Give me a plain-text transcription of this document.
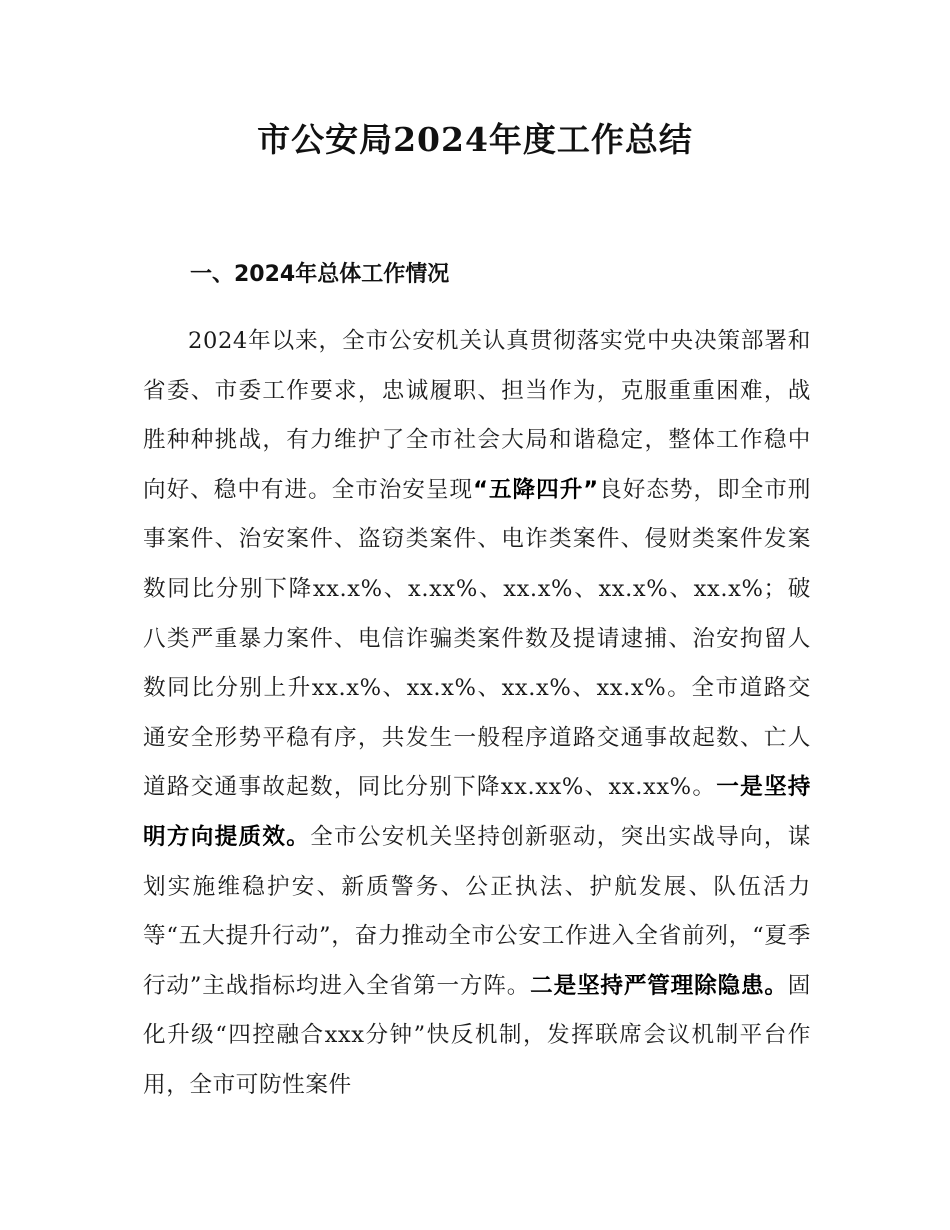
市公安局2024年度工作总结
一、2024年总体工作情况

2024年以来，全市公安机关认真贯彻落实党中央决策部署和省委、市委工作要求，忠诚履职、担当作为，克服重重困难，战胜种种挑战，有力维护了全市社会大局和谐稳定，整体工作稳中向好、稳中有进。全市治安呈现“五降四升”良好态势，即全市刑事案件、治安案件、盗窃类案件、电诈类案件、侵财类案件发案数同比分别下降xx.x%、x.xx%、xx.x%、xx.x%、xx.x%；破八类严重暴力案件、电信诈骗类案件数及提请逮捕、治安拘留人数同比分别上升xx.x%、xx.x%、xx.x%、xx.x%。全市道路交通安全形势平稳有序，共发生一般程序道路交通事故起数、亡人道路交通事故起数，同比分别下降xx.xx%、xx.xx%。一是坚持明方向提质效。全市公安机关坚持创新驱动，突出实战导向，谋划实施维稳护安、新质警务、公正执法、护航发展、队伍活力等“五大提升行动”，奋力推动全市公安工作进入全省前列，“夏季行动”主战指标均进入全省第一方阵。二是坚持严管理除隐患。固化升级“四控融合xxx分钟”快反机制，发挥联席会议机制平台作用，全市可防性案件
